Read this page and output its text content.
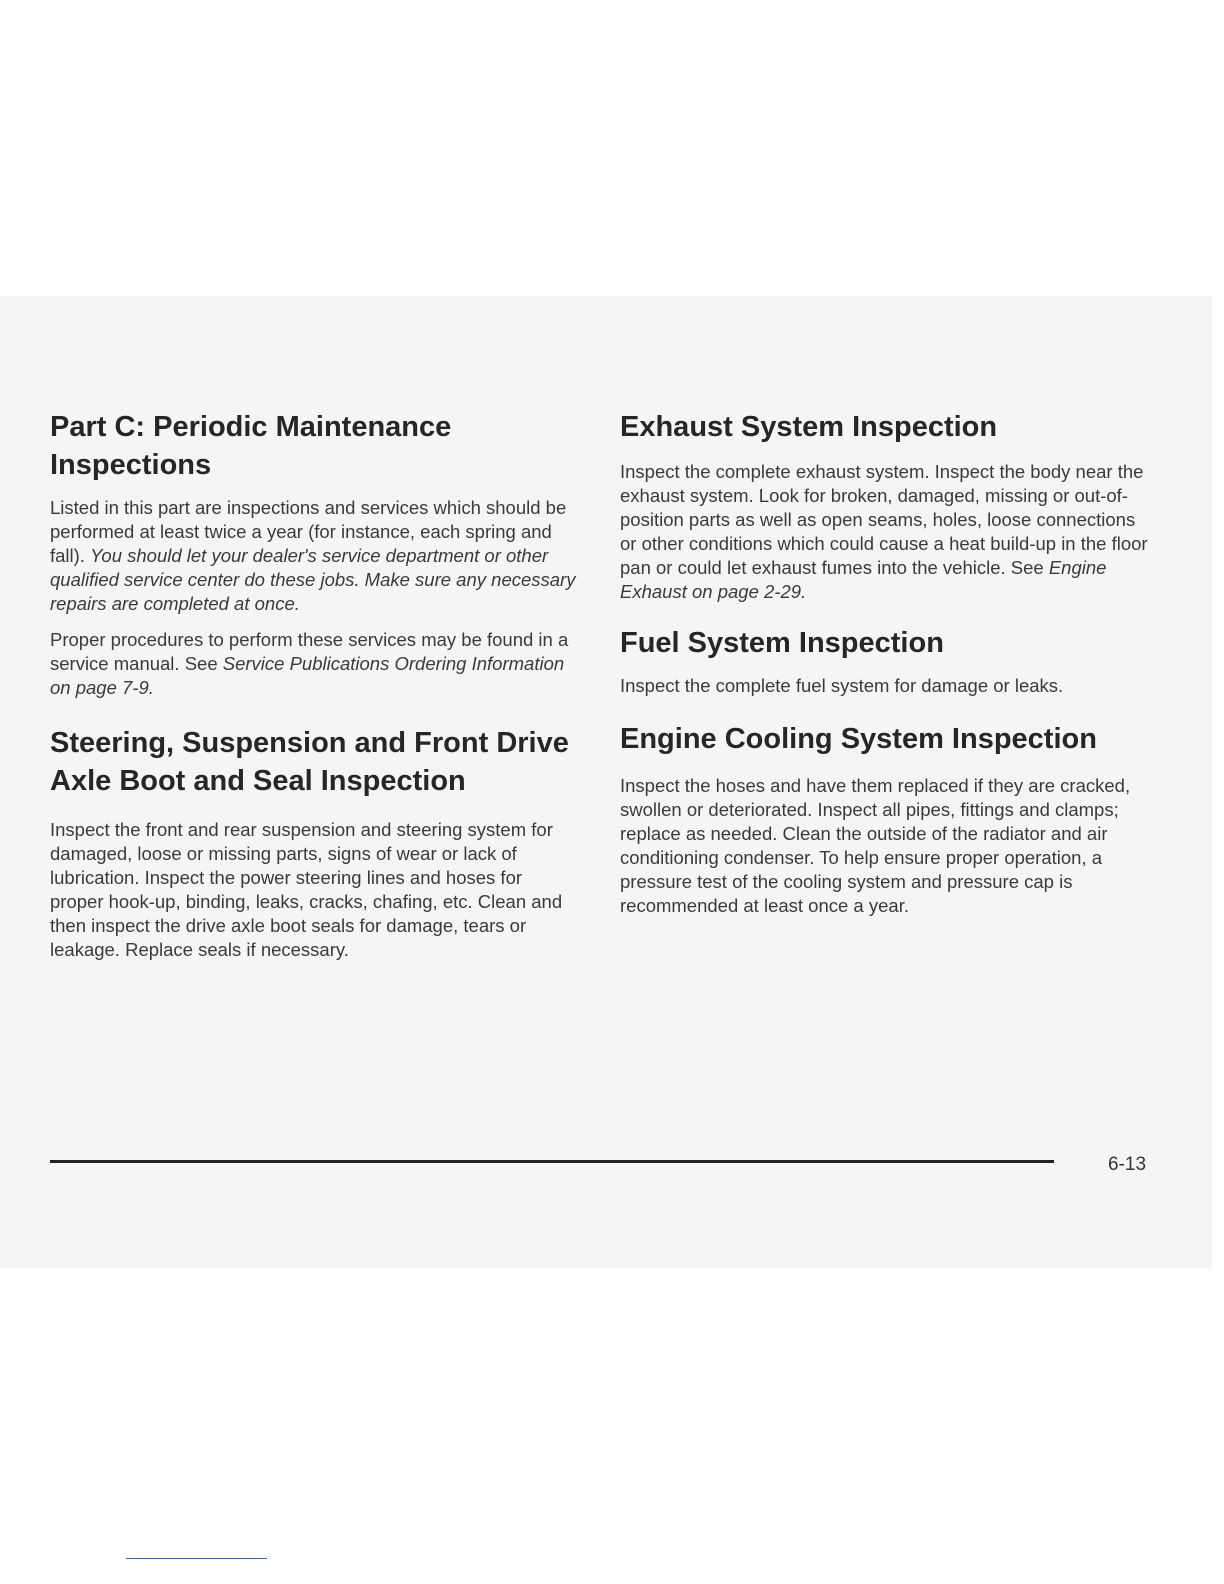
Part C: Periodic Maintenance Inspections

Listed in this part are inspections and services which should be performed at least twice a year (for instance, each spring and fall). You should let your dealer's service department or other qualified service center do these jobs. Make sure any necessary repairs are completed at once.

Proper procedures to perform these services may be found in a service manual. See Service Publications Ordering Information on page 7-9.

Steering, Suspension and Front Drive Axle Boot and Seal Inspection

Inspect the front and rear suspension and steering system for damaged, loose or missing parts, signs of wear or lack of lubrication. Inspect the power steering lines and hoses for proper hook-up, binding, leaks, cracks, chafing, etc. Clean and then inspect the drive axle boot seals for damage, tears or leakage. Replace seals if necessary.

Exhaust System Inspection

Inspect the complete exhaust system. Inspect the body near the exhaust system. Look for broken, damaged, missing or out-of-position parts as well as open seams, holes, loose connections or other conditions which could cause a heat build-up in the floor pan or could let exhaust fumes into the vehicle. See Engine Exhaust on page 2-29.

Fuel System Inspection

Inspect the complete fuel system for damage or leaks.

Engine Cooling System Inspection

Inspect the hoses and have them replaced if they are cracked, swollen or deteriorated. Inspect all pipes, fittings and clamps; replace as needed. Clean the outside of the radiator and air conditioning condenser. To help ensure proper operation, a pressure test of the cooling system and pressure cap is recommended at least once a year.

6-13
